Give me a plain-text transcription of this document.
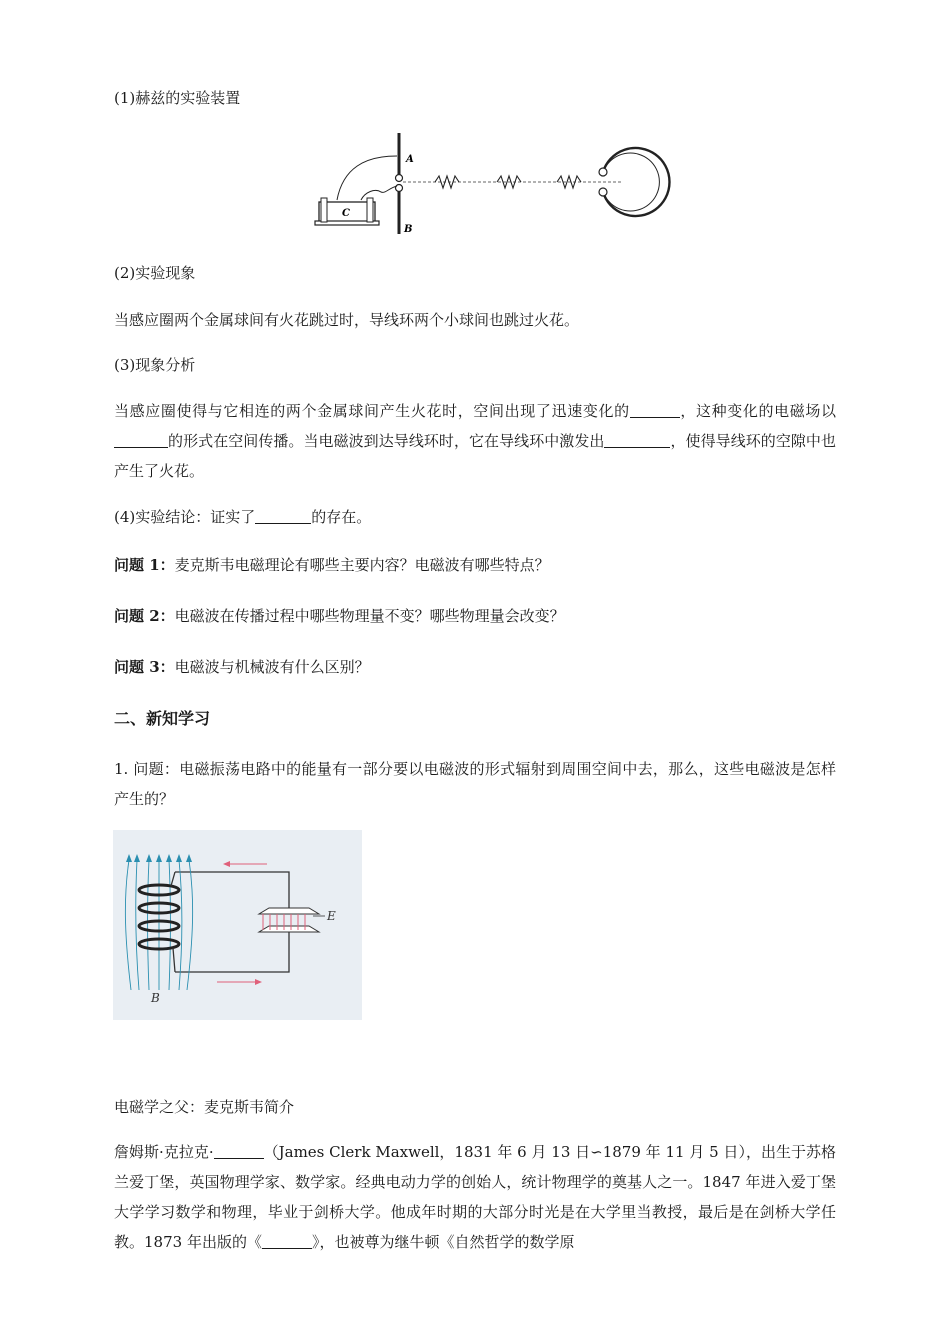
(1)赫兹的实验装置
A
B
C
(2)实验现象
当感应圈两个金属球间有火花跳过时，导线环两个小球间也跳过火花。
(3)现象分析
当感应圈使得与它相连的两个金属球间产生火花时，空间出现了迅速变化的	，这种变化的电磁场以的形式在空间传播。当电磁波到达导线环时，它在导线环中激发出	，使得导线环的空隙中也产生了火花。
(4)实验结论：证实了	的存在。
问题 1：麦克斯韦电磁理论有哪些主要内容？电磁波有哪些特点？
问题 2：电磁波在传播过程中哪些物理量不变？哪些物理量会改变？
问题 3：电磁波与机械波有什么区别？
二、新知学习
1. 问题：电磁振荡电路中的能量有一部分要以电磁波的形式辐射到周围空间中去，那么，这些电磁波是怎样产生的？
E
B
电磁学之父：麦克斯韦简介
詹姆斯·克拉克·	（James Clerk Maxwell，1831 年 6 月 13 日∽1879 年 11 月 5 日），出生于苏格兰爱丁堡，英国物理学家、数学家。经典电动力学的创始人，统计物理学的奠基人之一。1847 年进入爱丁堡大学学习数学和物理，毕业于剑桥大学。他成年时期的大部分时光是在大学里当教授，最后是在剑桥大学任教。1873 年出版的《	》，也被尊为继牛顿《自然哲学的数学原
